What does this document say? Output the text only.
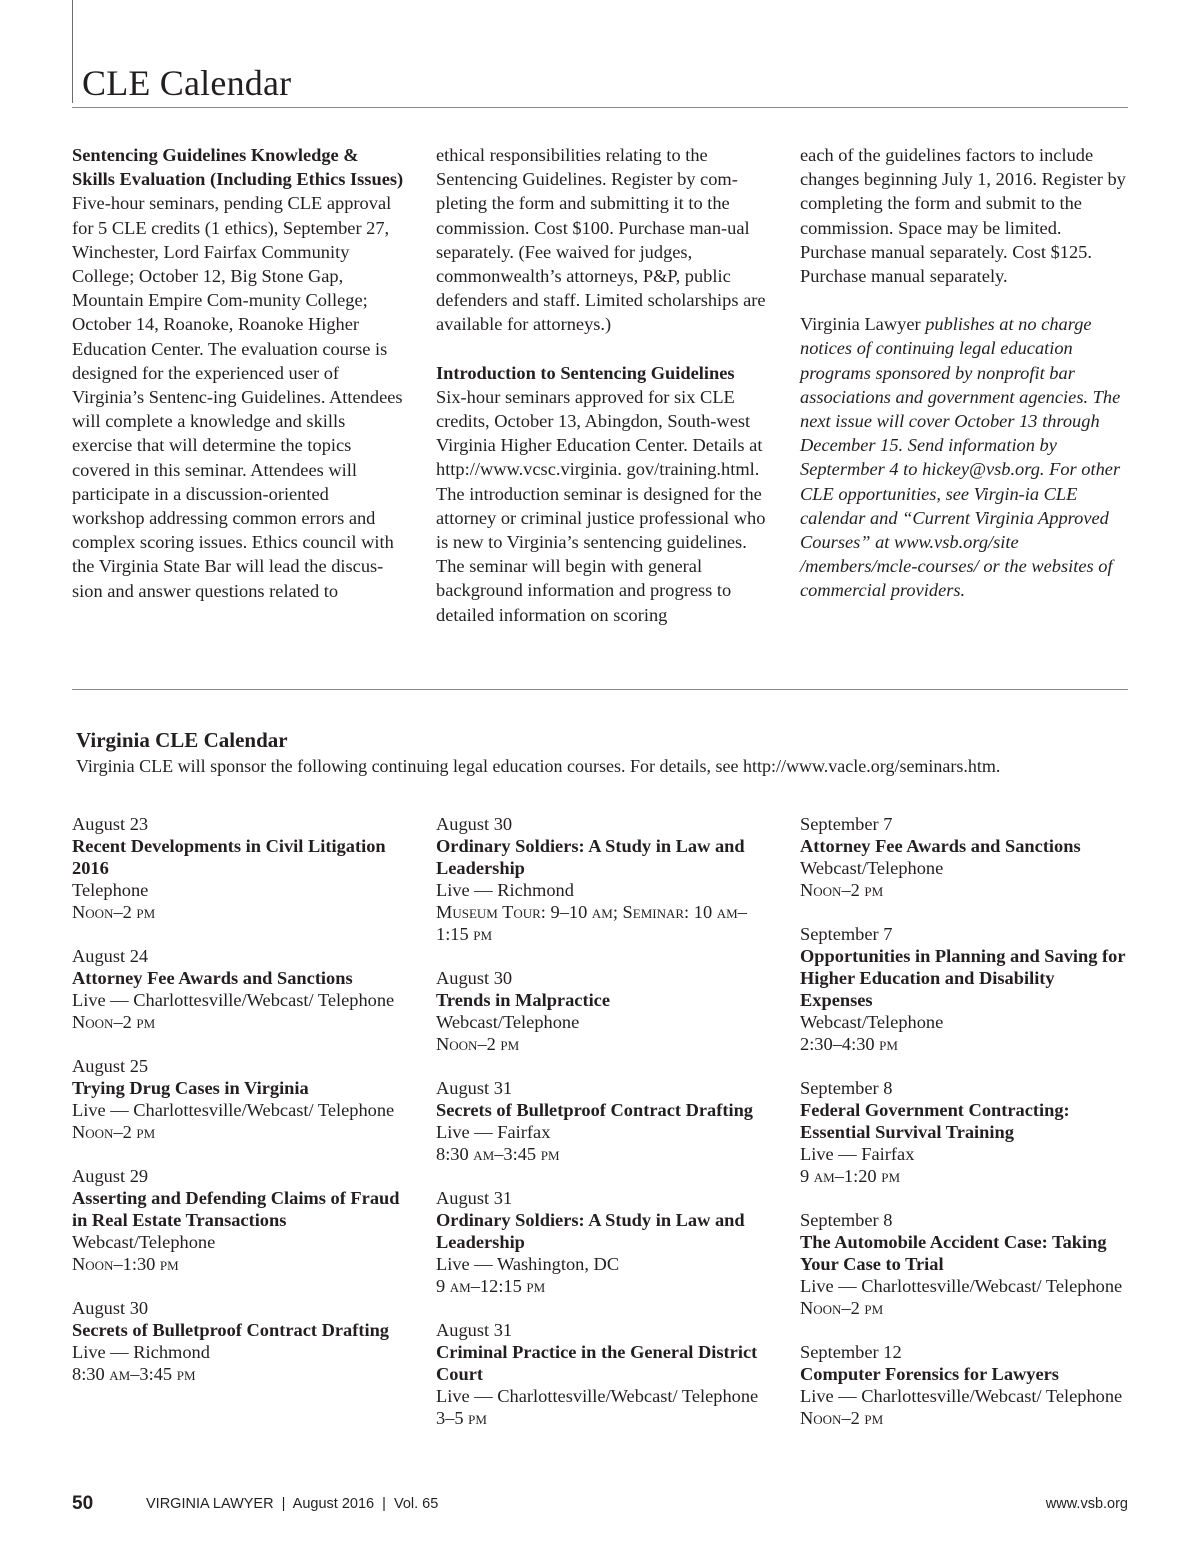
CLE Calendar

Sentencing Guidelines Knowledge & Skills Evaluation (Including Ethics Issues)

Five-hour seminars, pending CLE approval for 5 CLE credits (1 ethics), September 27, Winchester, Lord Fairfax Community College; October 12, Big Stone Gap, Mountain Empire Com-munity College; October 14, Roanoke, Roanoke Higher Education Center. The evaluation course is designed for the experienced user of Virginia’s Sentenc-ing Guidelines. Attendees will complete a knowledge and skills exercise that will determine the topics covered in this seminar. Attendees will participate in a discussion-oriented workshop addressing common errors and complex scoring issues. Ethics council with the Virginia State Bar will lead the discus-sion and answer questions related to

ethical responsibilities relating to the Sentencing Guidelines. Register by com-pleting the form and submitting it to the commission. Cost $100. Purchase man-ual separately. (Fee waived for judges, commonwealth’s attorneys, P&P, public defenders and staff. Limited scholarships are available for attorneys.)

Introduction to Sentencing Guidelines

Six-hour seminars approved for six CLE credits, October 13, Abingdon, South-west Virginia Higher Education Center. Details at http://www.vcsc.virginia. gov/training.html. The introduction seminar is designed for the attorney or criminal justice professional who is new to Virginia’s sentencing guidelines. The seminar will begin with general background information and progress to detailed information on scoring

each of the guidelines factors to include changes beginning July 1, 2016. Register by completing the form and submit to the commission. Space may be limited. Purchase manual separately. Cost $125. Purchase manual separately.

Virginia Lawyer publishes at no charge notices of continuing legal education programs sponsored by nonprofit bar associations and government agencies. The next issue will cover October 13 through December 15. Send information by Septermber 4 to hickey@vsb.org. For other CLE opportunities, see Virgin-ia CLE calendar and “Current Virginia Approved Courses” at www.vsb.org/site /members/mcle-courses/ or the websites of commercial providers.

Virginia CLE Calendar

Virginia CLE will sponsor the following continuing legal education courses. For details, see http://www.vacle.org/seminars.htm.

August 23
Recent Developments in Civil Litigation 2016
Telephone
Noon–2 pm
August 24
Attorney Fee Awards and Sanctions
Live — Charlottesville/Webcast/ Telephone
Noon–2 pm
August 25
Trying Drug Cases in Virginia
Live — Charlottesville/Webcast/ Telephone
Noon–2 pm
August 29
Asserting and Defending Claims of Fraud in Real Estate Transactions
Webcast/Telephone
Noon–1:30 pm
August 30
Secrets of Bulletproof Contract Drafting
Live — Richmond
8:30 am–3:45 pm
August 30
Ordinary Soldiers: A Study in Law and Leadership
Live — Richmond
Museum Tour: 9–10 am; Seminar: 10 am–1:15 pm
August 30
Trends in Malpractice
Webcast/Telephone
Noon–2 pm
August 31
Secrets of Bulletproof Contract Drafting
Live — Fairfax
8:30 am–3:45 pm
August 31
Ordinary Soldiers: A Study in Law and Leadership
Live — Washington, DC
9 am–12:15 pm
August 31
Criminal Practice in the General District Court
Live — Charlottesville/Webcast/ Telephone
3–5 pm
September 7
Attorney Fee Awards and Sanctions
Webcast/Telephone
Noon–2 pm
September 7
Opportunities in Planning and Saving for Higher Education and Disability Expenses
Webcast/Telephone
2:30–4:30 pm
September 8
Federal Government Contracting: Essential Survival Training
Live — Fairfax
9 am–1:20 pm
September 8
The Automobile Accident Case: Taking Your Case to Trial
Live — Charlottesville/Webcast/ Telephone
Noon–2 pm
September 12
Computer Forensics for Lawyers
Live — Charlottesville/Webcast/ Telephone
Noon–2 pm
50	VIRGINIA LAWYER  |  August 2016  |  Vol. 65	www.vsb.org
